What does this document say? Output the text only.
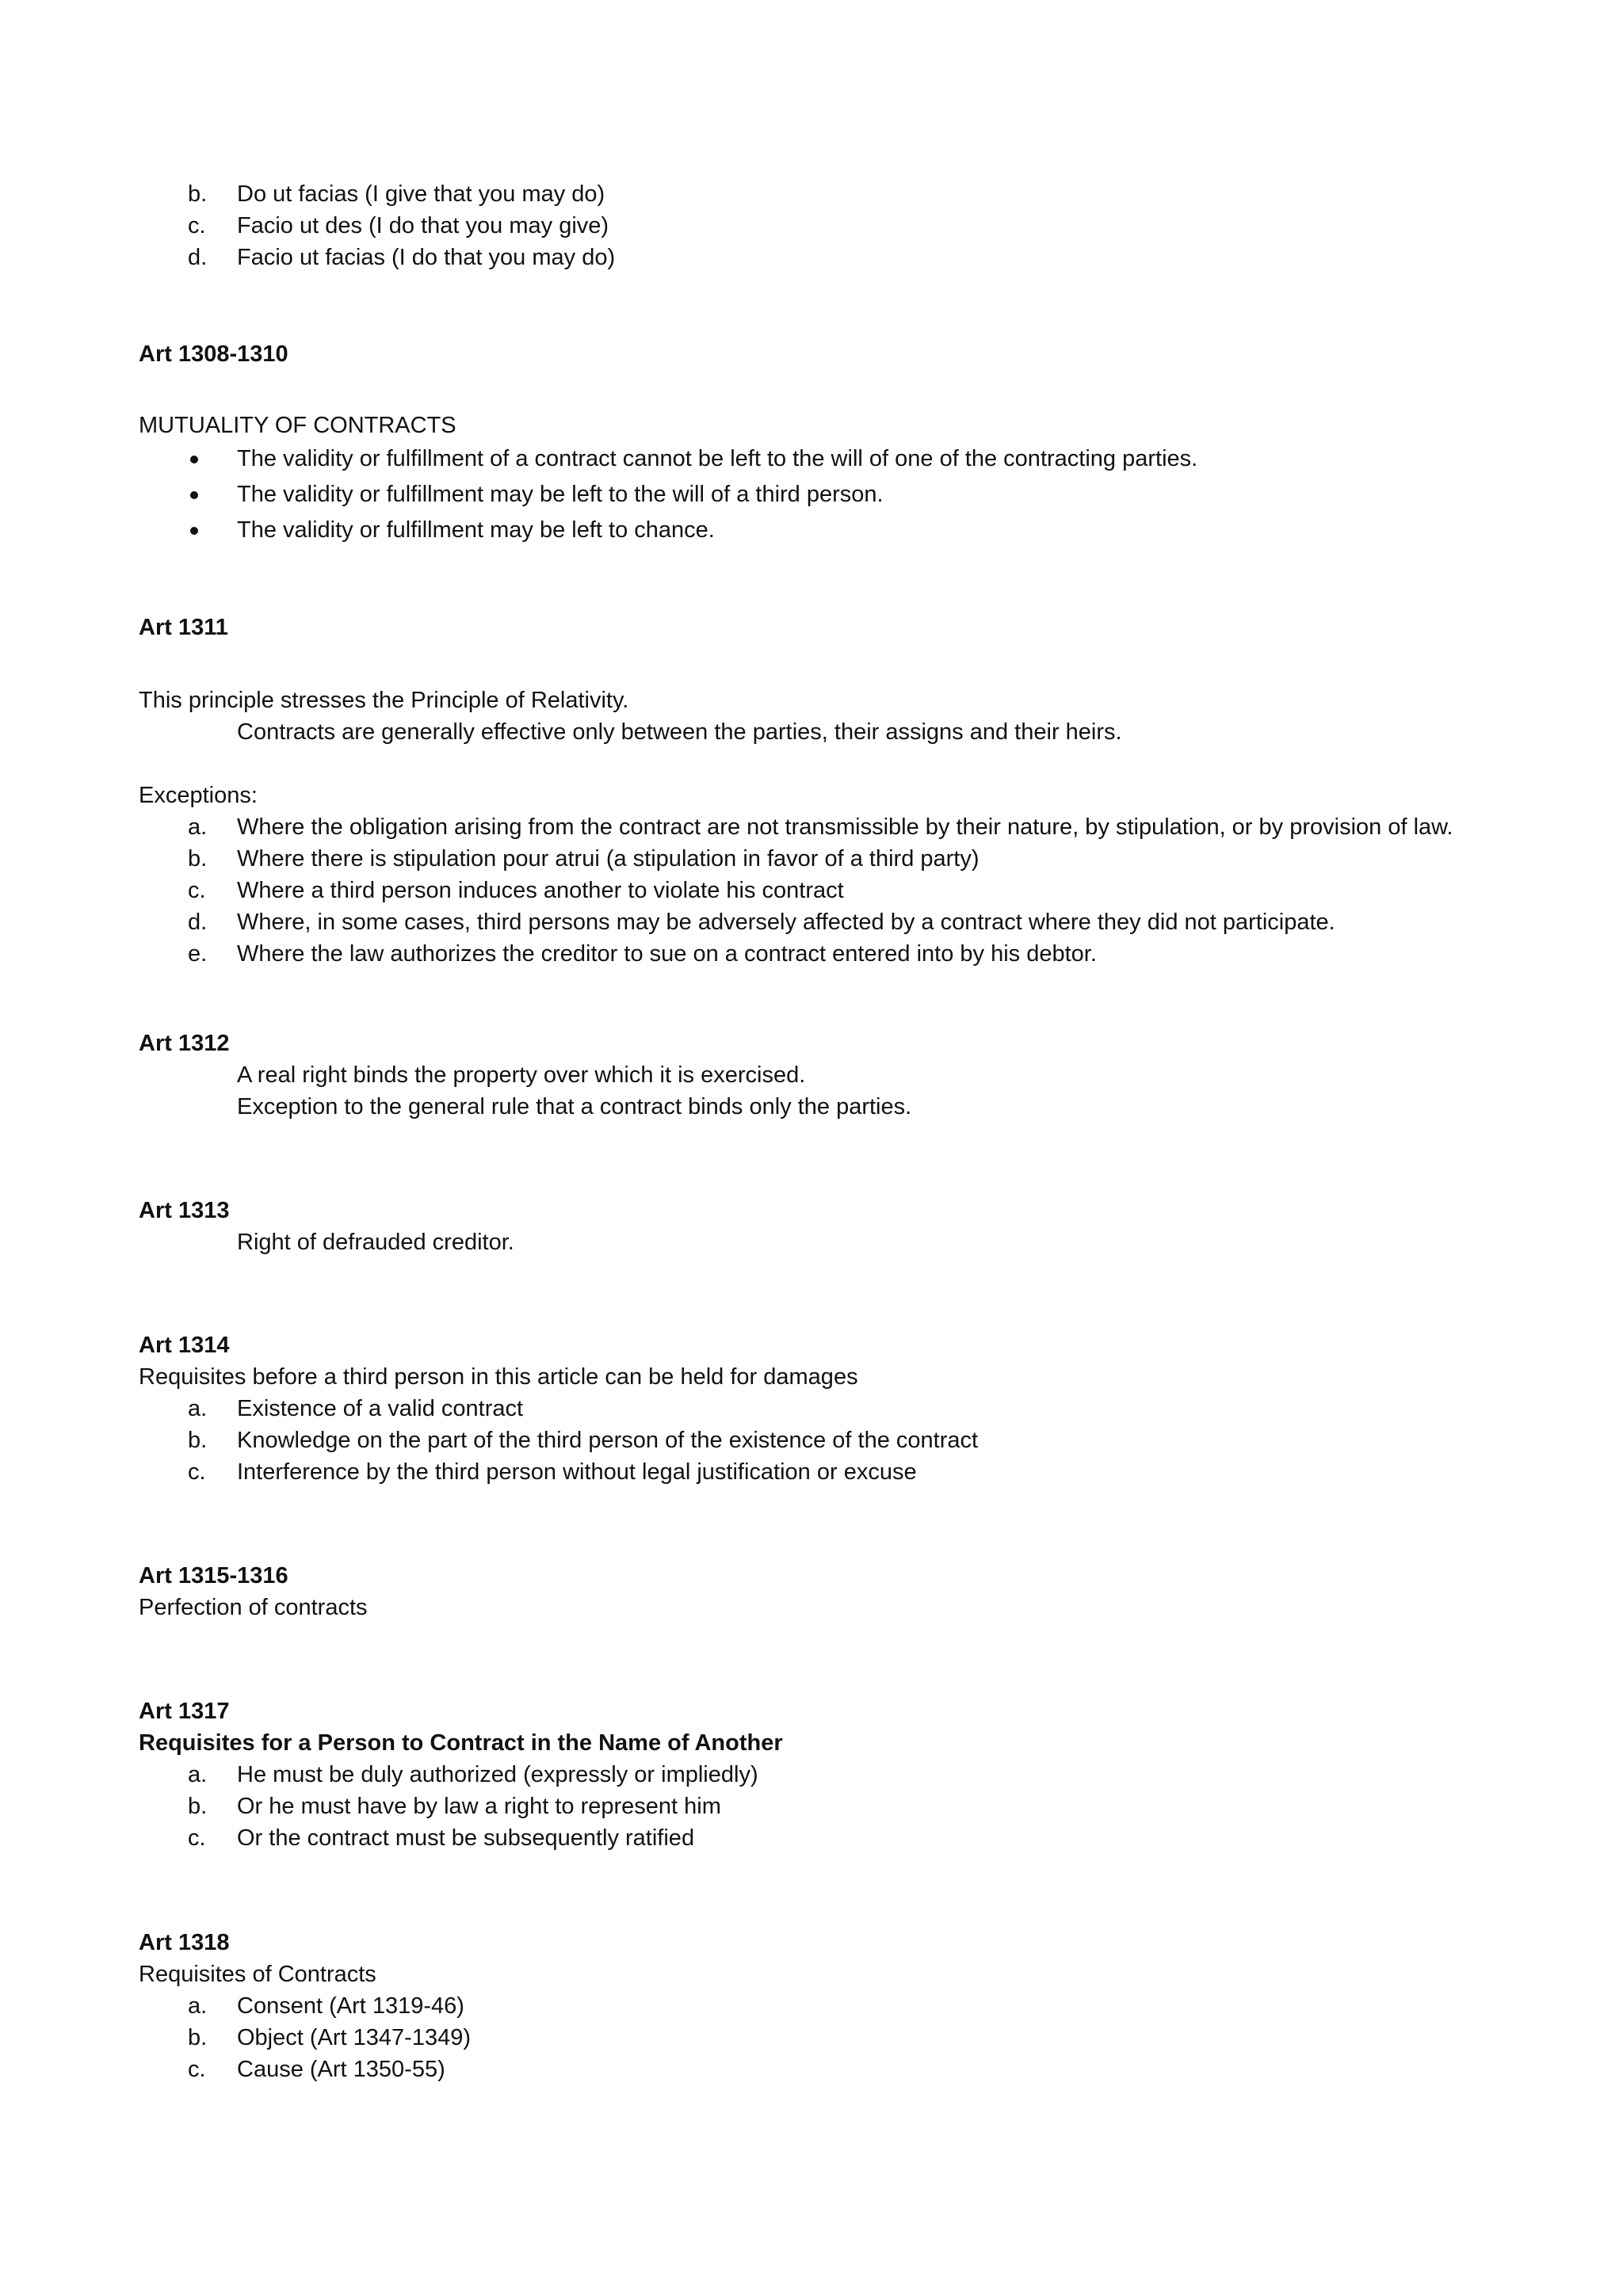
b.	Do ut facias (I give that you may do)
c.	Facio ut des (I do that you may give)
d.	Facio ut facias (I do that you may do)
Art 1308-1310
MUTUALITY OF CONTRACTS
The validity or fulfillment of a contract cannot be left to the will of one of the contracting parties.
The validity or fulfillment may be left to the will of a third person.
The validity or fulfillment may be left to chance.
Art 1311
This principle stresses the Principle of Relativity.
Contracts are generally effective only between the parties, their assigns and their heirs.
Exceptions:
a.	Where the obligation arising from the contract are not transmissible by their nature, by stipulation, or by provision of law.
b.	Where there is stipulation pour atrui (a stipulation in favor of a third party)
c.	Where a third person induces another to violate his contract
d.	Where, in some cases, third persons may be adversely affected by a contract where they did not participate.
e.	Where the law authorizes the creditor to sue on a contract entered into by his debtor.
Art 1312
A real right binds the property over which it is exercised.
Exception to the general rule that a contract binds only the parties.
Art 1313
Right of defrauded creditor.
Art 1314
Requisites before a third person in this article can be held for damages
a.	Existence of a valid contract
b.	Knowledge on the part of the third person of the existence of the contract
c.	Interference by the third person without legal justification or excuse
Art 1315-1316
Perfection of contracts
Art 1317
Requisites for a Person to Contract in the Name of Another
a.	He must be duly authorized (expressly or impliedly)
b.	Or he must have by law a right to represent him
c.	Or the contract must be subsequently ratified
Art 1318
Requisites of Contracts
a.	Consent (Art 1319-46)
b.	Object (Art 1347-1349)
c.	Cause (Art 1350-55)
